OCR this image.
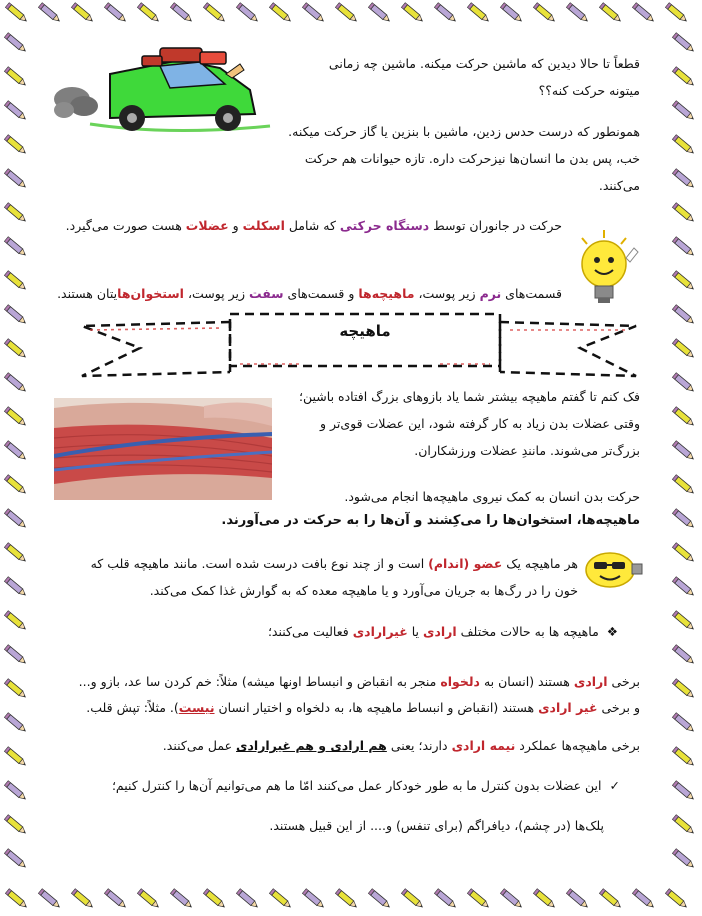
قطعاً تا حالا دیدین که ماشین حرکت میکنه. ماشین چه زمانی میتونه حرکت کنه؟؟
همونطور که درست حدس زدین، ماشین با بنزین یا گاز حرکت میکنه. خب، پس بدن ما انسان‌ها نیزحرکت داره. تازه حیوانات هم حرکت می‌کنند.
حرکت در جانوران توسط دستگاه حرکتی که شامل اسکلت و عضلات هست صورت می‌گیرد.
قسمت‌های نرم زیر پوست، ماهیچه‌ها و قسمت‌های سفت زیر پوست، استخوان‌هایتان هستند.
ماهیچه
فک کنم تا گفتم ماهیچه بیشتر شما یاد بازوهای بزرگ افتاده باشین؛ وقتی عضلات بدن زیاد به کار گرفته شود، این عضلات قوی‌تر و بزرگ‌تر می‌شوند. مانندِ عضلات ورزشکاران.
حرکت بدن انسان به کمک نیروی ماهیچه‌ها انجام می‌شود.
ماهیچه‌ها، استخوان‌ها را می‌کِشند و آن‌ها را به حرکت در می‌آورند.
هر ماهیچه یک عضو (اندام) است و از چند نوع بافت درست شده است. مانند ماهیچه قلب که خون را در رگ‌ها به جریان می‌آورد و یا ماهیچه معده که به گوارش غذا کمک می‌کند.
❖ماهیچه ها به حالات مختلف ارادی یا غیرارادی فعالیت می‌کنند؛
برخی ارادی هستند (انسان به دلخواه منجر به انقباض و انبساط اونها میشه) مثلاً: خم کردن سا عد، بازو و...
و برخی غیر ارادی هستند (انقباض و انبساط ماهیچه ها، به دلخواه و اختیار انسان نیست). مثلاً: تپش قلب.
برخی ماهیچه‌ها عملکرد نیمه ارادی دارند؛ یعنی هم ارادی و هم غیرارادی عمل می‌کنند.
✓این عضلات بدون کنترل ما به طور خودکار عمل می‌کنند امّا ما هم می‌توانیم آن‌ها را کنترل کنیم؛
پلک‌ها (در چشم)، دیافراگم (برای تنفس) و.... از این قبیل هستند.
